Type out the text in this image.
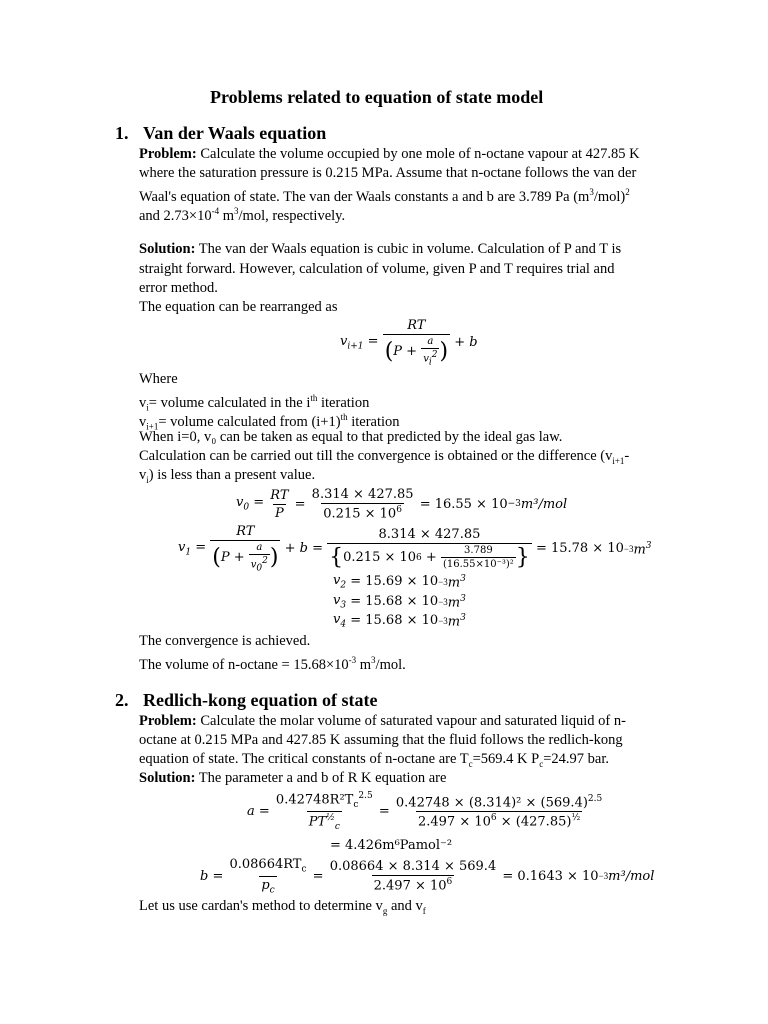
Problems related to equation of state model
1. Van der Waals equation
Problem: Calculate the volume occupied by one mole of n-octane vapour at 427.85 K
where the saturation pressure is 0.215 MPa. Assume that n-octane follows the van der
Waal's equation of state. The van der Waals constants a and b are 3.789 Pa $(m^3/mol)^2$
and $2.73\times 10^{-4}$ $m^3$/mol, respectively.
Solution: The van der Waals equation is cubic in volume. Calculation of P and T is
straight forward. However, calculation of volume, given P and T requires trial and
error method.
The equation can be rearranged as
$v_{i+1} = \frac{RT}{( P + \frac{a}{v_i^2} )} + b$
Where
$v_i=$ volume calculated in the $i^{th}$ iteration
$v_{i+1}=$ volume calculated from $(i+1)^{th}$ iteration
When i=0, v₀ can be taken as equal to that predicted by the ideal gas law.
Calculation can be carried out till the convergence is obtained or the difference ($v_{i+1}-$
$v_i$) is less than a present value.
$v_0 = \frac{RT}{P} = \frac{8.314 \times 427.85}{0.215 \times 10^6}$
= 16.55 × 10 −3 m³/mol
$v_1 = \frac{RT}{( P + \frac{a}{v_0^2} )} + b = \frac{8.314 \times 427.85}{\{ 0.215 \times 10 6 + \frac{3.789}{\text{(16.55×10⁻³)²}} \}}$
= 15.78 × 10 −3 $m^3$
$v_2 = 15.69 \times 10 -3$ $m^3$
$v_3 = 15.68 \times 10 -3$ $m^3$
$v_4 = 15.68 \times 10 -3$ $m^3$
The convergence is achieved.
The volume of $n-octane = 15.68\times 10^{-3}$ $m^3$/mol.
2. Redlich-kong equation of state
Problem: Calculate the molar volume of saturated vapour and saturated liquid of n-
octane at 0.215 MPa and 427.85 K assuming that the fluid follows the redlich-kong
equation of state. The critical constants of n-octane are $T_c=569.4$ K $P_c=24.97$ bar.
Solution: The parameter a and b of R K equation are
$a = \frac{0.42748R^2T_c^{2.5}}{PT^{\frac{1}{2}}_c} = \frac{0.42748 \times (8.314)^2 \times (569.4)^{2.5}}{2.497 \times 10^6 \times (427.85)^{\frac{1}{2}}}$
= 4.426m⁶Pamol⁻²
$b = \frac{0.08664RT_c}{p_c} = \frac{0.08664 \times 8.314 \times 569.4}{2.497 \times 10^6}$
= 0.1643 × 10 −3 m³/mol
Let us use cardan's method to determine $v_g$ and $v_f$
